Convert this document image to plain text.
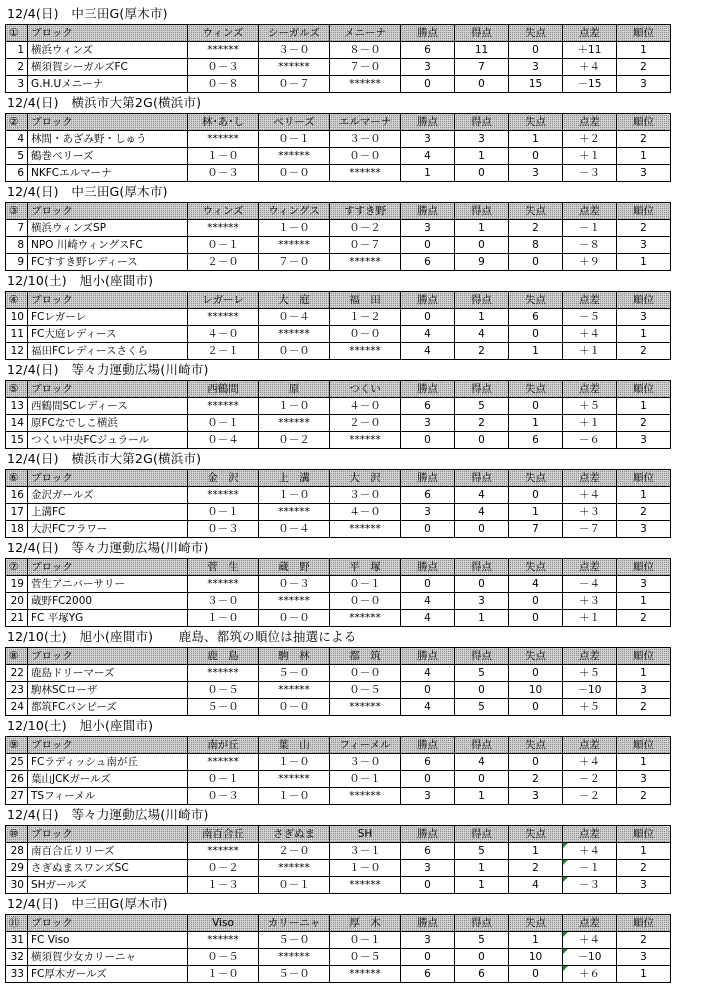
12/4(日)　中三田G(厚木市)
①	ブロック	ウィンズ	シーガルズ	メニーナ	勝点	得点	失点	点差	順位
1	横浜ウィンズ	******	３－０	８－０	6	11	0	＋11	1
2	横須賀シーガルズFC	０－３	******	７－０	3	7	3	＋４	2
3	G.H.Uメニーナ	０－８	０－７	******	0	0	15	－15	3
12/4(日)　横浜市大第2G(横浜市)
②	ブロック	林･あ･し	ベリーズ	エルマーナ	勝点	得点	失点	点差	順位
4	林間・あざみ野・しゅう	******	０－１	３－０	3	3	1	＋２	2
5	鶴巻ベリーズ	１－０	******	０－０	4	1	0	＋１	1
6	NKFCエルマーナ	０－３	０－０	******	1	0	3	－３	3
12/4(日)　中三田G(厚木市)
③	ブロック	ウィンズ	ウィングス	すすき野	勝点	得点	失点	点差	順位
7	横浜ウィンズSP	******	１－０	０－２	3	1	2	－１	2
8	NPO 川崎ウィングスFC	０－１	******	０－７	0	0	8	－８	3
9	FCすすき野レディース	２－０	７－０	******	6	9	0	＋９	1
12/10(土)　旭小(座間市)
④	ブロック	レガーレ	大　庭	福　田	勝点	得点	失点	点差	順位
10	FCレガーレ	******	０－４	１－２	0	1	6	－５	3
11	FC大庭レディース	４－０	******	０－０	4	4	0	＋４	1
12	福田FCレディースさくら	２－１	０－０	******	4	2	1	＋１	2
12/4(日)　等々力運動広場(川崎市)
⑤	ブロック	西鶴間	原	つくい	勝点	得点	失点	点差	順位
13	西鶴間SCレディース	******	１－０	４－０	6	5	0	＋５	1
14	原FCなでしこ横浜	０－１	******	２－０	3	2	1	＋１	2
15	つくい中央FCジュラール	０－４	０－２	******	0	0	6	－６	3
12/4(日)　横浜市大第2G(横浜市)
⑥	ブロック	金　沢	上　溝	大　沢	勝点	得点	失点	点差	順位
16	金沢ガールズ	******	１－０	３－０	6	4	0	＋４	1
17	上溝FC	０－１	******	４－０	3	4	1	＋３	2
18	大沢FCフラワー	０－３	０－４	******	0	0	7	－７	3
12/4(日)　等々力運動広場(川崎市)
⑦	ブロック	菅　生	蔵　野	平　塚	勝点	得点	失点	点差	順位
19	菅生アニバーサリー	******	０－３	０－１	0	0	4	－４	3
20	蔵野FC2000	３－０	******	０－０	4	3	0	＋３	1
21	FC 平塚YG	１－０	０－０	******	4	1	0	＋１	2
12/10(土)　旭小(座間市)　　鹿島、都筑の順位は抽選による
⑧	ブロック	鹿　島	駒　林	都　筑	勝点	得点	失点	点差	順位
22	鹿島ドリーマーズ	******	５－０	０－０	4	5	0	＋５	1
23	駒林SCローザ	０－５	******	０－５	0	0	10	－10	3
24	都筑FCパンピーズ	５－０	０－０	******	4	5	0	＋５	2
12/10(土)　旭小(座間市)
⑨	ブロック	南が丘	葉　山	フィーメル	勝点	得点	失点	点差	順位
25	FCラディッシュ南が丘	******	１－０	３－０	6	4	0	＋４	1
26	葉山JCKガールズ	０－１	******	０－１	0	0	2	－２	3
27	TSフィーメル	０－３	１－０	******	3	1	3	－２	2
12/4(日)　等々力運動広場(川崎市)
⑩	ブロック	南百合丘	さぎぬま	SH	勝点	得点	失点	点差	順位
28	南百合丘リリーズ	******	２－０	３－１	6	5	1	＋４	1
29	さぎぬまスワンズSC	０－２	******	１－０	3	1	2	－１	2
30	SHガールズ	１－３	０－１	******	0	1	4	－３	3
12/4(日)　中三田G(厚木市)
⑪	ブロック	Viso	カリーニャ	厚　木	勝点	得点	失点	点差	順位
31	FC Viso	******	５－０	０－１	3	5	1	＋４	2
32	横須賀少女カリーニャ	０－５	******	０－５	0	0	10	－10	3
33	FC厚木ガールズ	１－０	５－０	******	6	6	0	＋６	1
